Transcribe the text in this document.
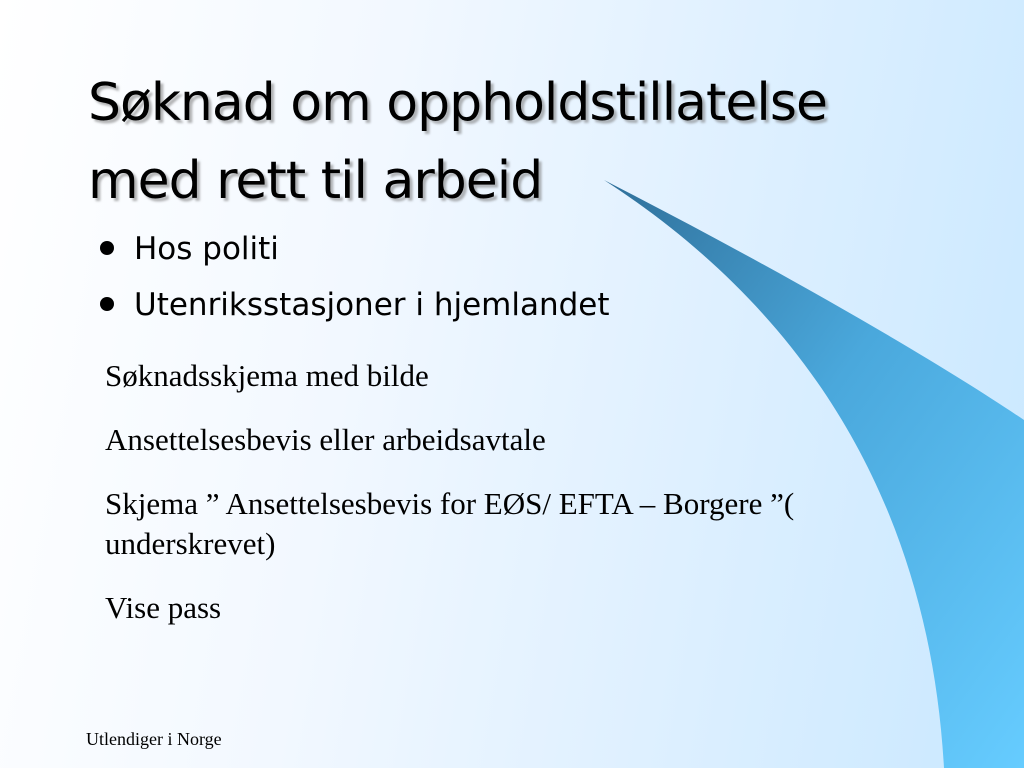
Søknad om oppholdstillatelse
med rett til arbeid
Hos politi
Utenriksstasjoner i hjemlandet

Søknadsskjema med bilde

Ansettelsesbevis eller arbeidsavtale

Skjema ” Ansettelsesbevis for EØS/ EFTA – Borgere ”( underskrevet)

Vise pass

Utlendiger i Norge
